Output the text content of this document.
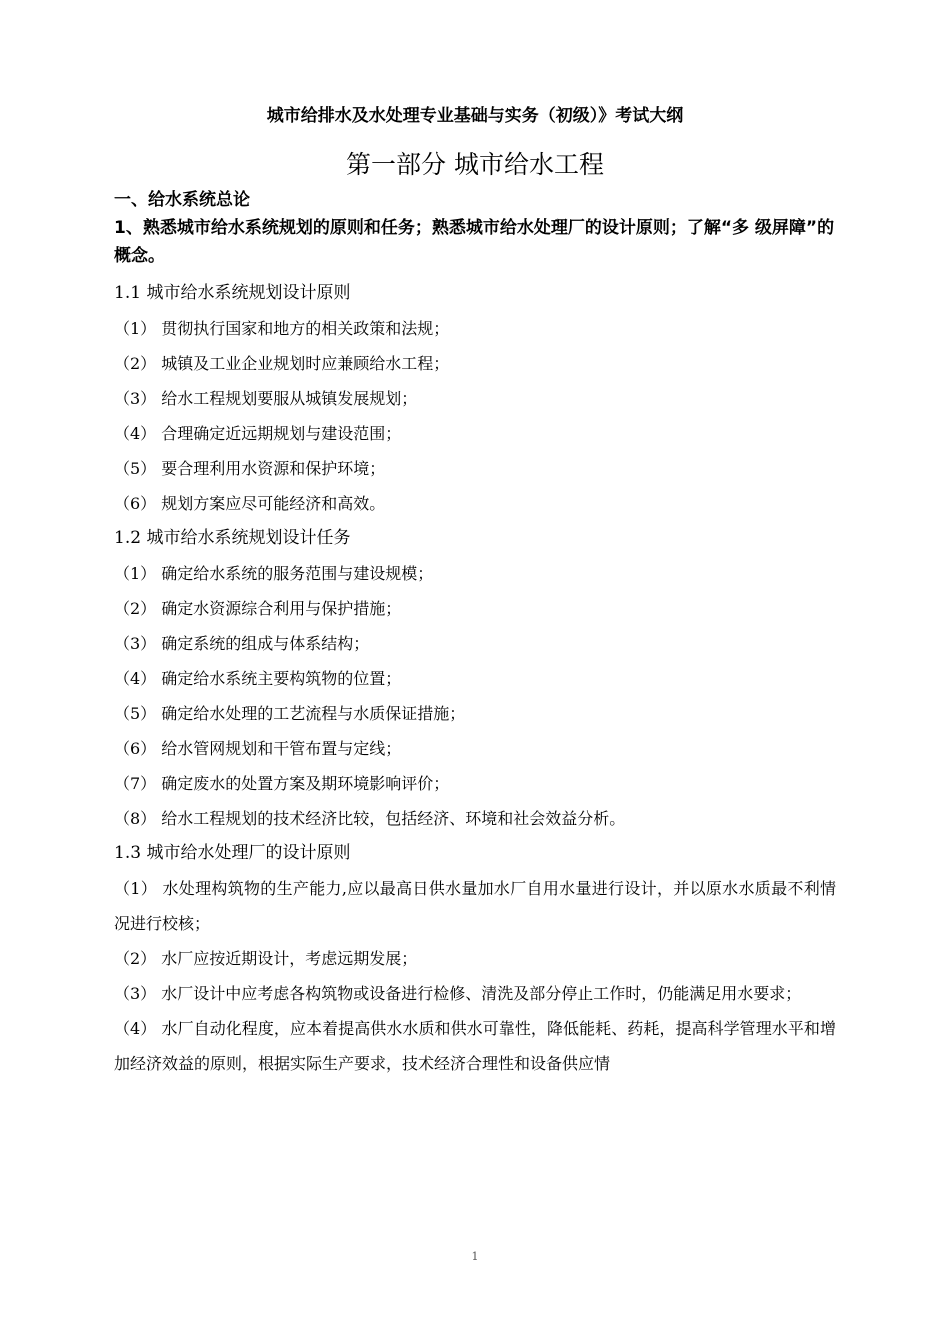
城市给排水及水处理专业基础与实务（初级）》考试大纲
第一部分 城市给水工程
一、给水系统总论
1、熟悉城市给水系统规划的原则和任务；熟悉城市给水处理厂的设计原则；了解“多 级屏障”的概念。
1.1 城市给水系统规划设计原则
（1） 贯彻执行国家和地方的相关政策和法规；
（2） 城镇及工业企业规划时应兼顾给水工程；
（3） 给水工程规划要服从城镇发展规划；
（4） 合理确定近远期规划与建设范围；
（5） 要合理利用水资源和保护环境；
（6） 规划方案应尽可能经济和高效。
1.2 城市给水系统规划设计任务
（1） 确定给水系统的服务范围与建设规模；
（2） 确定水资源综合利用与保护措施；
（3） 确定系统的组成与体系结构；
（4） 确定给水系统主要构筑物的位置；
（5） 确定给水处理的工艺流程与水质保证措施；
（6） 给水管网规划和干管布置与定线；
（7） 确定废水的处置方案及期环境影响评价；
（8） 给水工程规划的技术经济比较，包括经济、环境和社会效益分析。
1.3 城市给水处理厂的设计原则
（1） 水处理构筑物的生产能力,应以最高日供水量加水厂自用水量进行设计，并以原水水质最不利情况进行校核；
（2） 水厂应按近期设计，考虑远期发展；
（3） 水厂设计中应考虑各构筑物或设备进行检修、清洗及部分停止工作时，仍能满足用水要求；
（4） 水厂自动化程度，应本着提高供水水质和供水可靠性，降低能耗、药耗，提高科学管理水平和增加经济效益的原则，根据实际生产要求，技术经济合理性和设备供应情
1
